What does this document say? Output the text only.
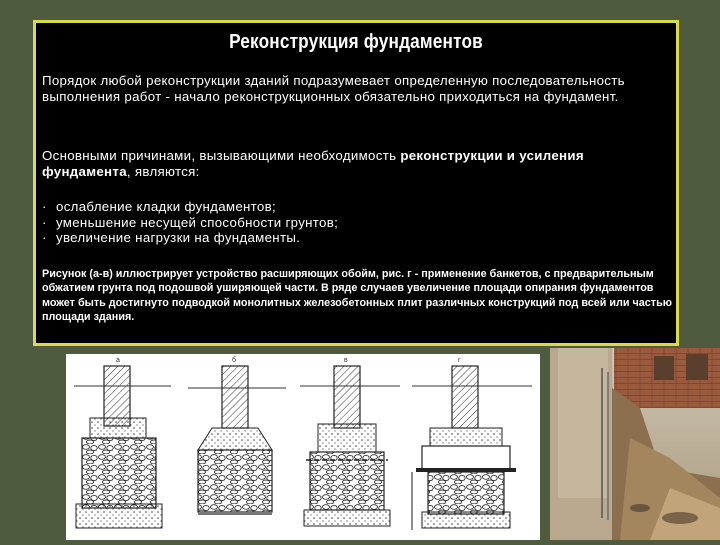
Реконструкция фундаментов
Порядок любой реконструкции зданий подразумевает определенную последовательность выполнения работ - начало реконструкционных обязательно приходиться на фундамент.
Основными причинами, вызывающими необходимость реконструкции и усиления фундамента, являются:
· ослабление кладки фундаментов;
· уменьшение несущей способности грунтов;
· увеличение нагрузки на фундаменты.
Рисунок (а-в) иллюстрирует устройство расширяющих обойм, рис. г - применение банкетов, с предварительным обжатием грунта под подошвой уширяющей части. В ряде случаев увеличение площади опирания фундаментов может быть достигнуто подводкой монолитных железобетонных плит различных конструкций под всей или частью площади здания.
а	б	в	г
